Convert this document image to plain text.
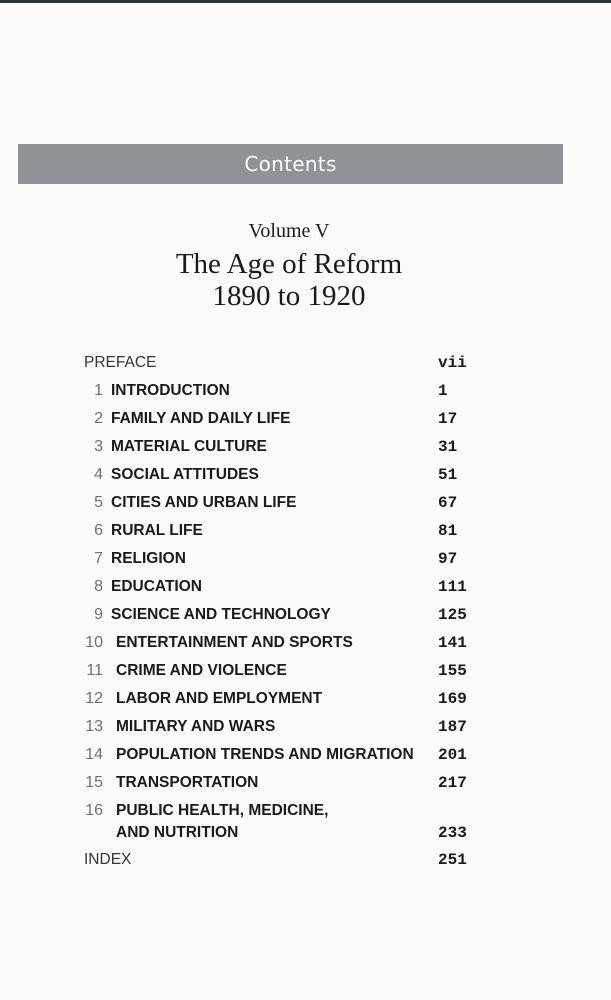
Contents
Volume V
The Age of Reform
1890 to 1920
PREFACE	vii
1 INTRODUCTION	1
2 FAMILY AND DAILY LIFE	17
3 MATERIAL CULTURE	31
4 SOCIAL ATTITUDES	51
5 CITIES AND URBAN LIFE	67
6 RURAL LIFE	81
7 RELIGION	97
8 EDUCATION	111
9 SCIENCE AND TECHNOLOGY	125
10 ENTERTAINMENT AND SPORTS	141
11 CRIME AND VIOLENCE	155
12 LABOR AND EMPLOYMENT	169
13 MILITARY AND WARS	187
14 POPULATION TRENDS AND MIGRATION 201
15 TRANSPORTATION	217
16 PUBLIC HEALTH, MEDICINE,
AND NUTRITION	233
INDEX	251
